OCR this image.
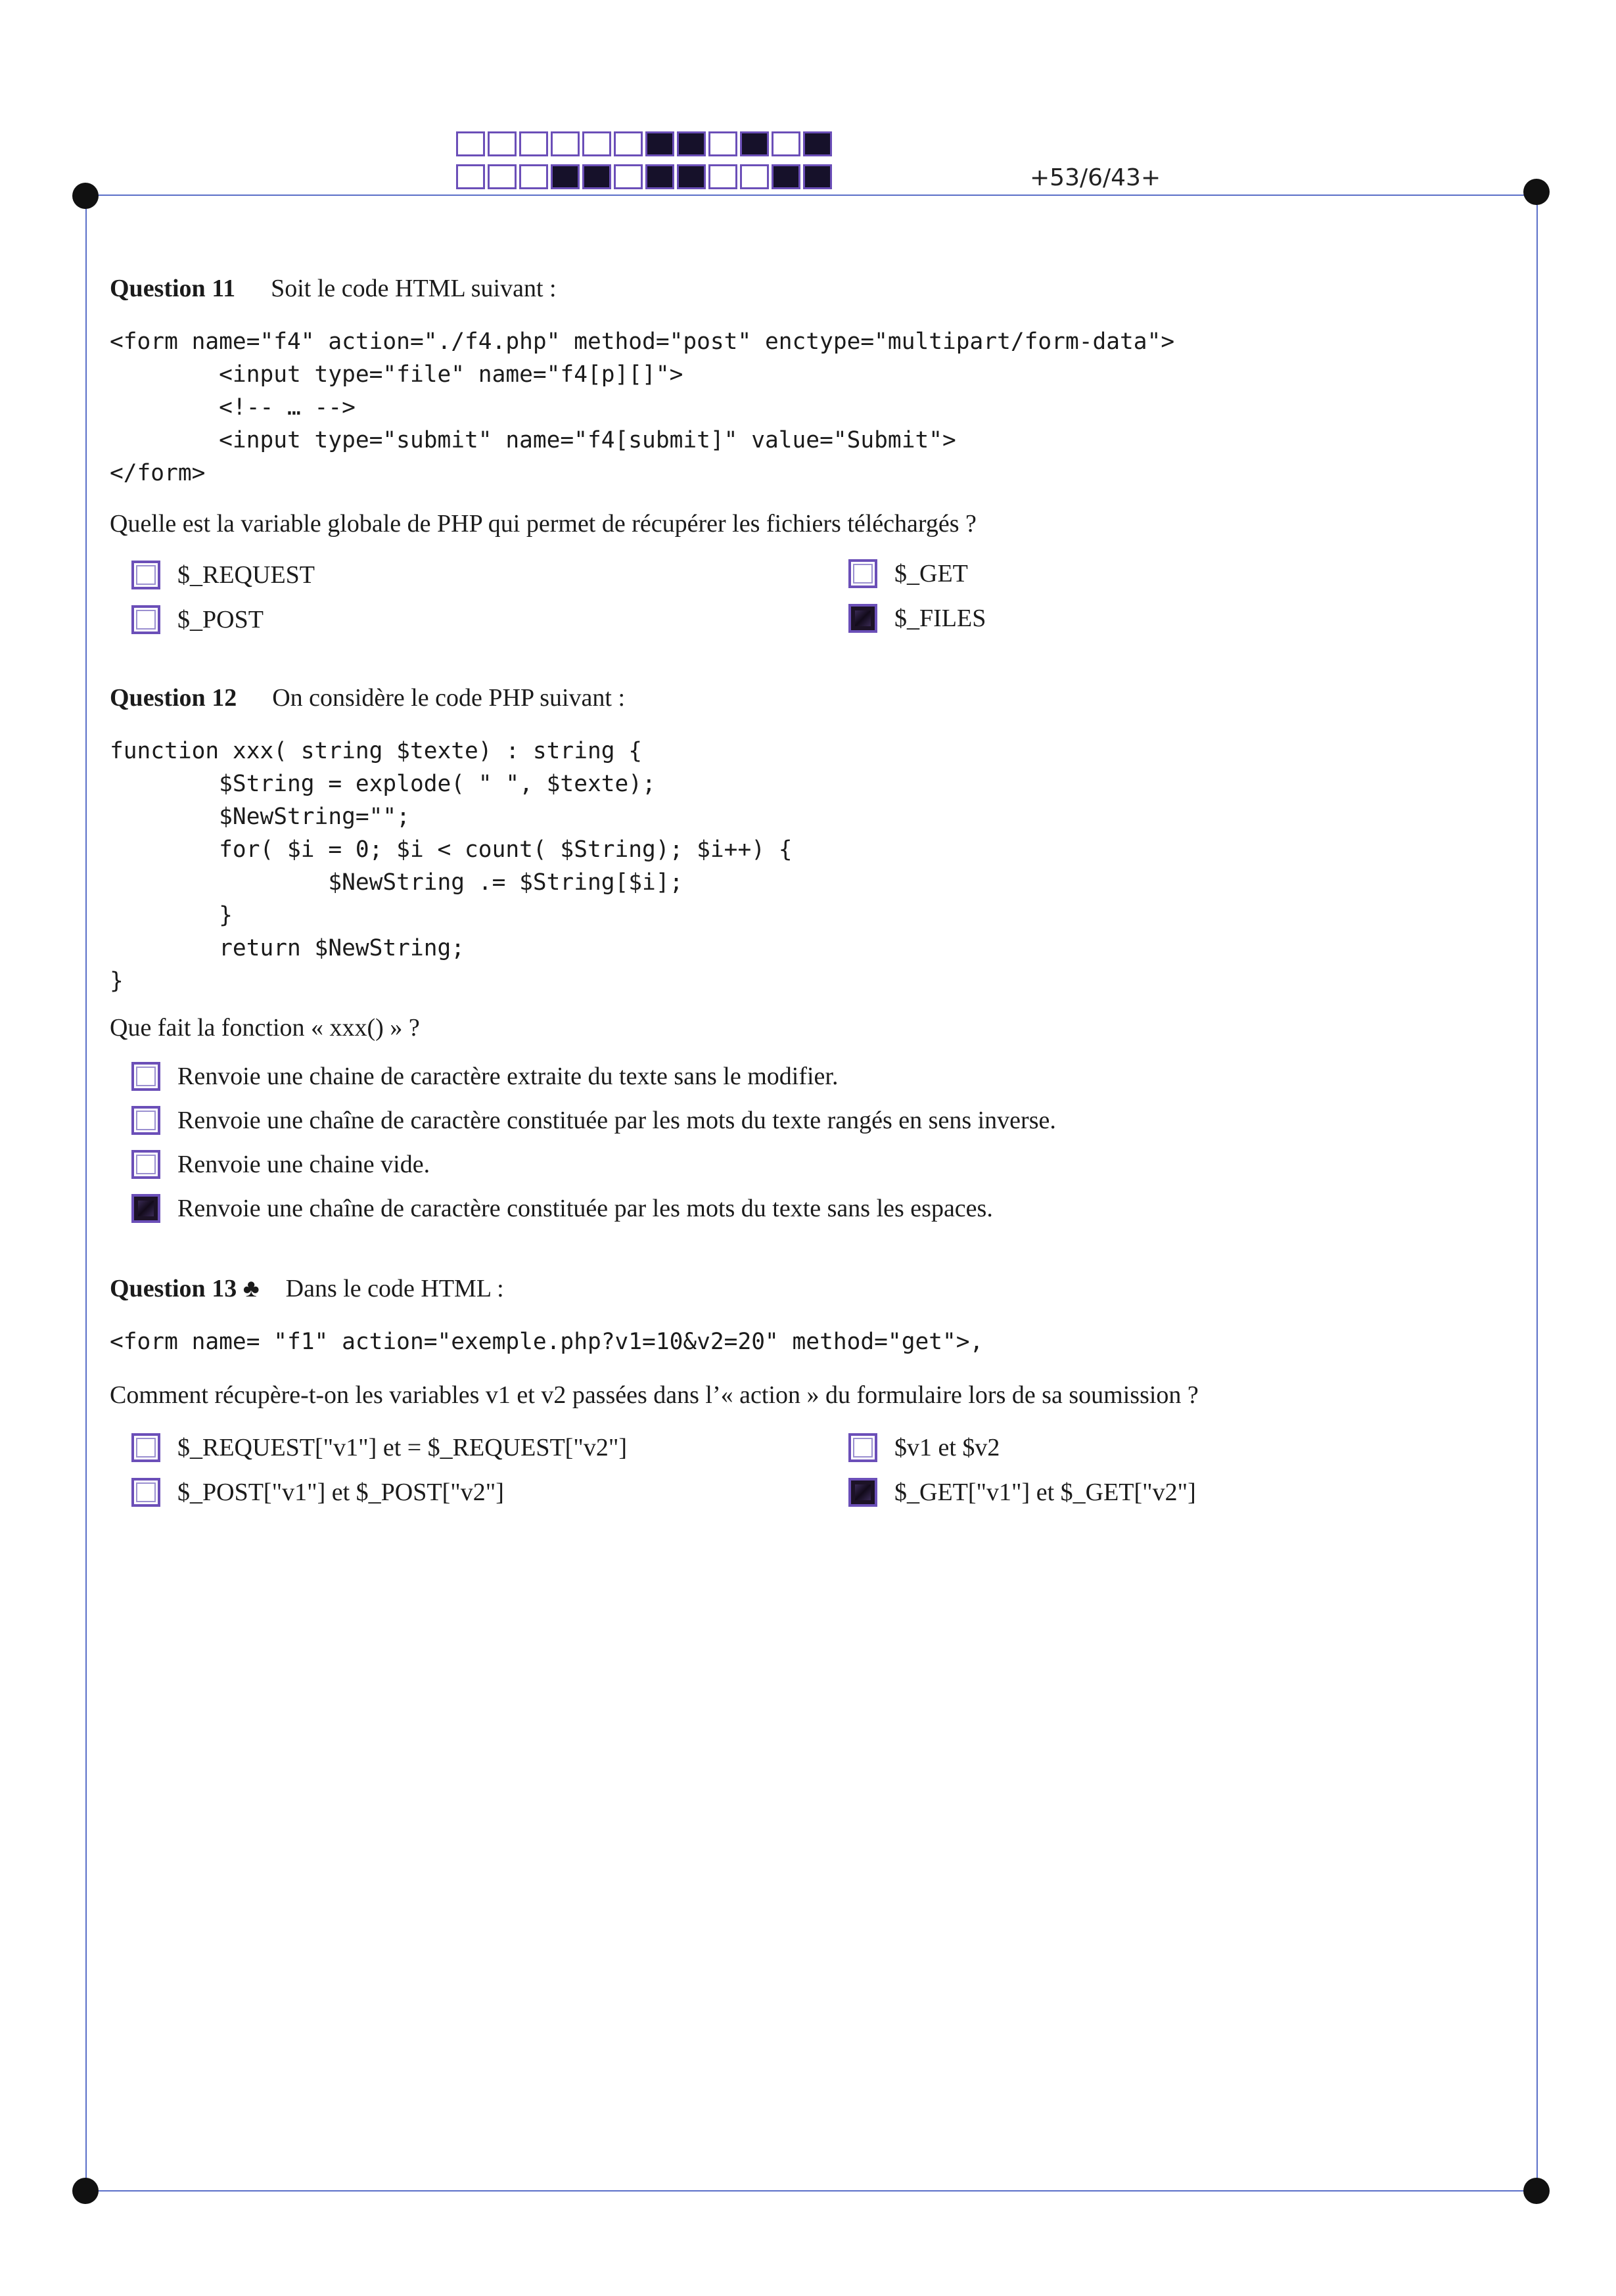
+53/6/43+
Question 11 Soit le code HTML suivant :
<form name="f4" action="./f4.php" method="post" enctype="multipart/form-data">
<input type="file" name="f4[p][]">
<!-- … -->
<input type="submit" name="f4[submit]" value="Submit">
</form>
Quelle est la variable globale de PHP qui permet de récupérer les fichiers téléchargés ?
$_REQUEST
$_POST
$_GET
$_FILES
Question 12 On considère le code PHP suivant :
function xxx( string $texte) : string {
$String = explode( " ", $texte);
$NewString="";
for( $i = 0; $i < count( $String); $i++) {
$NewString .= $String[$i];
}
return $NewString;
}
Que fait la fonction « xxx() » ?
Renvoie une chaine de caractère extraite du texte sans le modifier.
Renvoie une chaîne de caractère constituée par les mots du texte rangés en sens inverse.
Renvoie une chaine vide.
Renvoie une chaîne de caractère constituée par les mots du texte sans les espaces.
Question 13 ♣ Dans le code HTML :
<form name= "f1" action="exemple.php?v1=10&v2=20" method="get">,
Comment récupère-t-on les variables v1 et v2 passées dans l’« action » du formulaire lors de sa soumission ?
$_REQUEST["v1"] et = $_REQUEST["v2"]
$_POST["v1"] et $_POST["v2"]
$v1 et $v2
$_GET["v1"] et $_GET["v2"]
